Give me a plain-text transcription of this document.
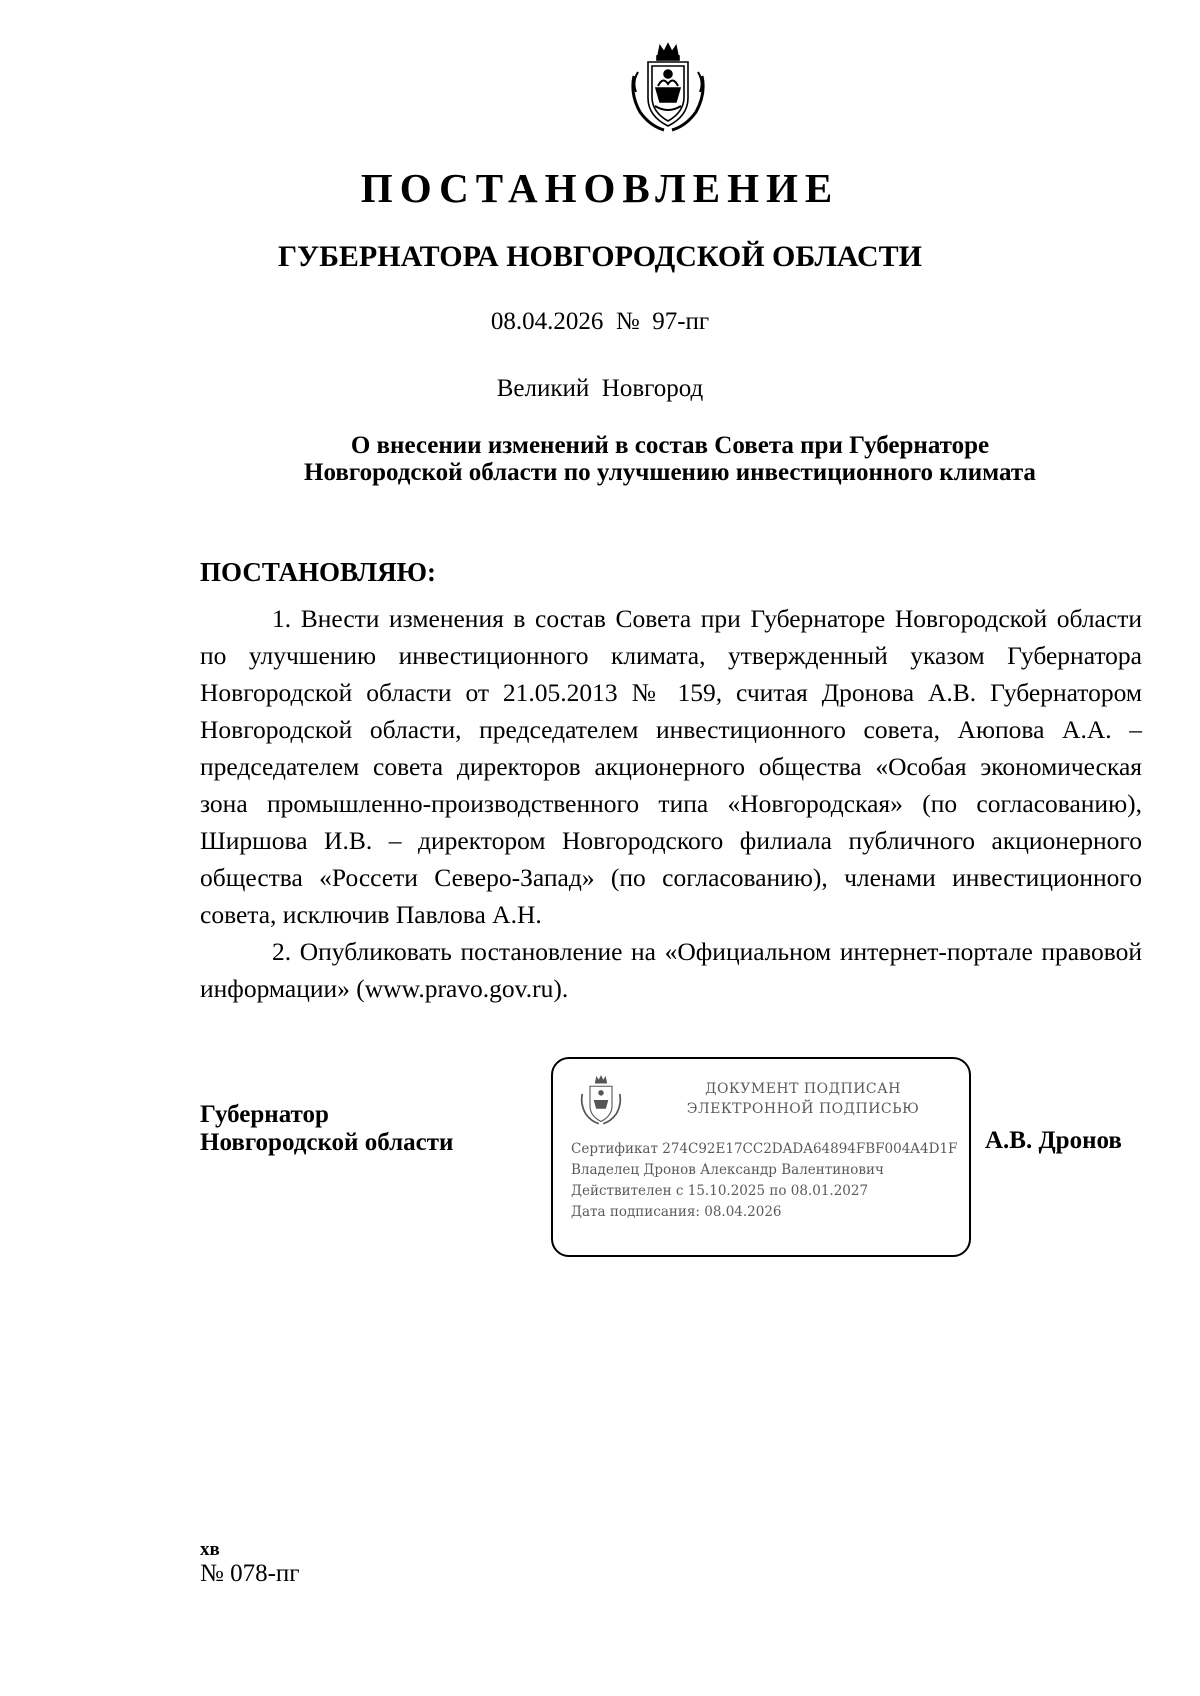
ПОСТАНОВЛЕНИЕ
ГУБЕРНАТОРА НОВГОРОДСКОЙ ОБЛАСТИ
08.04.2026 № 97-пг
Великий  Новгород
О внесении изменений в состав Совета при Губернаторе
Новгородской области по улучшению инвестиционного климата
ПОСТАНОВЛЯЮ:

1. Внести изменения в состав Совета при Губернаторе Новгородской области по улучшению инвестиционного климата, утвержденный указом Губернатора Новгородской области от 21.05.2013 № 159, считая Дронова А.В. Губернатором Новгородской области, председателем инвестиционного совета, Аюпова А.А. – председателем совета директоров акционерного общества «Особая экономическая зона промышленно-производственного типа «Новгородская» (по согласованию), Ширшова И.В. – директором Новгородского филиала публичного акционерного общества «Россети Северо-Запад» (по согласованию), членами инвестиционного совета, исключив Павлова А.Н.

2. Опубликовать постановление на «Официальном интернет-портале правовой информации» (www.pravo.gov.ru).

Губернатор
Новгородской области
ДОКУМЕНТ ПОДПИСАН
ЭЛЕКТРОННОЙ ПОДПИСЬЮ
Сертификат 274C92E17CC2DADA64894FBF004A4D1F
Владелец Дронов Александр Валентинович
Действителен с 15.10.2025 по 08.01.2027
Дата подписания: 08.04.2026
А.В. Дронов
хв
№ 078-пг
